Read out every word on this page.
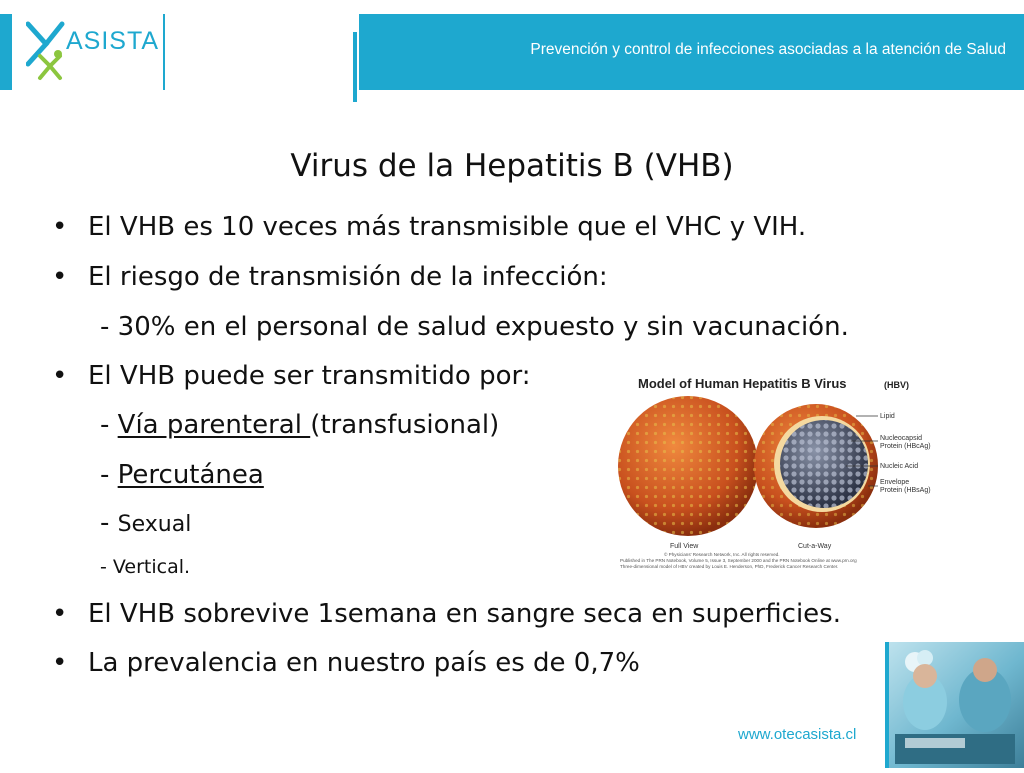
ASISTA	Prevención y control de infecciones asociadas a la atención de Salud
Virus de la Hepatitis B (VHB)
• El VHB es 10 veces más transmisible que el VHC y VIH.
• El riesgo de transmisión de la infección:
- 30% en el personal de salud expuesto y sin vacunación.
• El VHB puede ser transmitido por:
- Vía parenteral (transfusional)
- Percutánea
- Sexual
- Vertical.
• El VHB sobrevive 1semana en sangre seca en superficies.
• La prevalencia en nuestro país es de 0,7%
Model of Human Hepatitis B Virus	(HBV)
Lipid
Nucleocapsid
Protein (HBcAg)
Nucleic Acid
Envelope
Protein (HBsAg)
Full View	Cut-a-Way
© Physicians' Research Network, Inc. All rights reserved.
Published in The PRN Notebook, Volume 5, Issue 3, September 2000 and the PRN Notebook Online at www.prn.org
Three-dimensional model of HBV created by Louis E. Henderson, PhD, Frederick Cancer Research Center.
www.otecasista.cl
